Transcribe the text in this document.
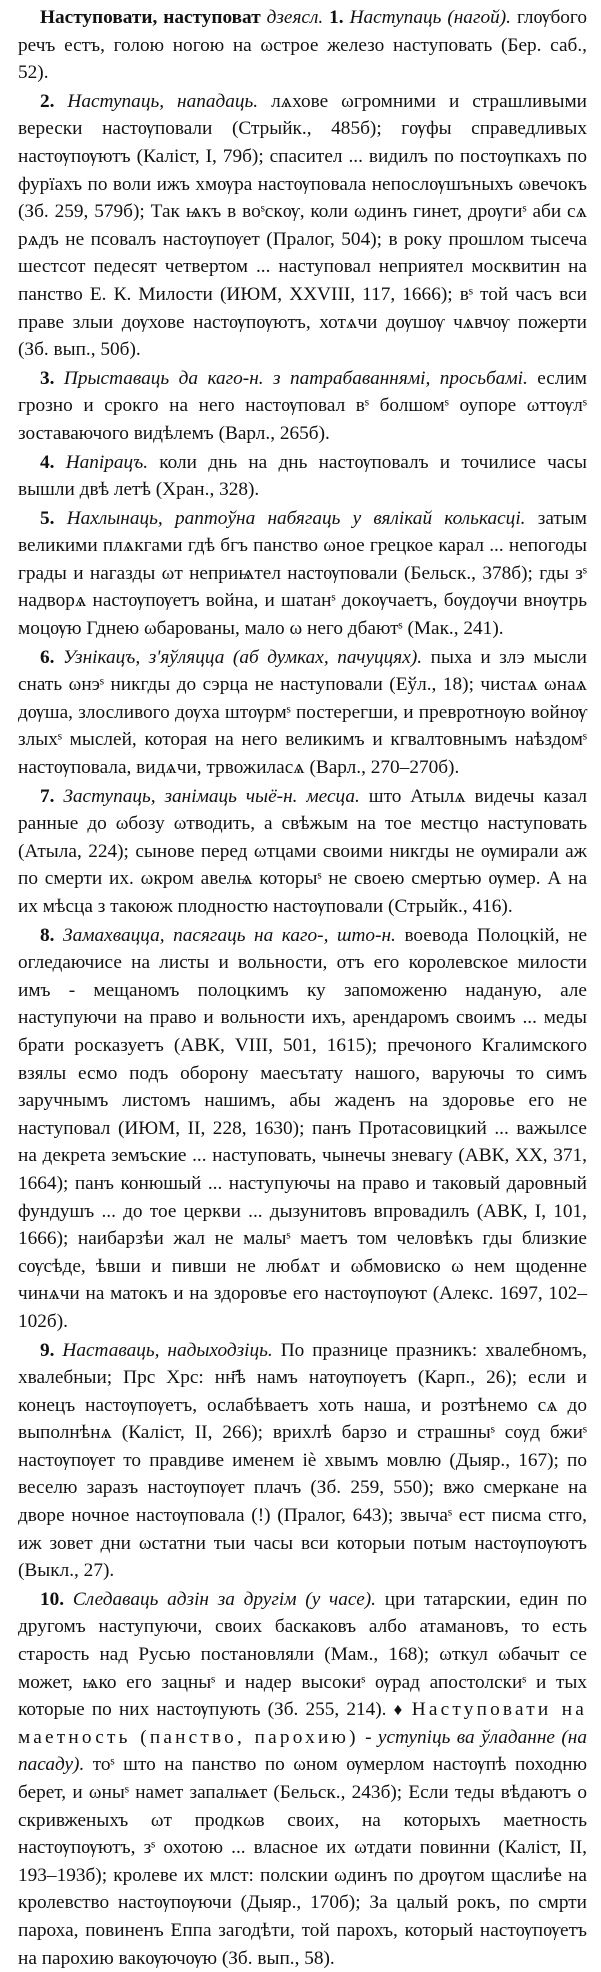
Наступовати, наступоват дзеясл. 1. Наступаць (нагой). глѹбого речъ естъ, голою ногою на ωстрое железо наступовать (Бер. саб., 52).

2. Наступаць, нападаць. лѧхове ωгромними и страшливыми верески настѹповали (Стрыйк., 485б); гѹфы справедливых настѹпѹютъ (Каліст, I, 79б); спасител ... видилъ по постѹпкахъ по фурїахъ по воли ижъ хмѹра настѹповала непослѹшъныхъ ωвечокъ (Зб. 259, 579б); Так ѩкъ в воˢскѹ, коли ωдинъ гинет, дрѹгиˢ аби сѧ рѧдъ не псовалъ настѹпѹет (Пралог, 504); в року прошлом тысеча шестсот педесят четвертом ... наступовал неприятел москвитин на панство Е. К. Милости (ИЮМ, XXVIII, 117, 1666); вˢ той часъ вси праве злыи дѹхове настѹпѹютъ, хотѧчи дѹшѹ чѧвчѹ пожерти (Зб. вып., 50б).

3. Прыставаць да каго-н. з патрабаваннямі, просьбамі. еслим грозно и срокго на него настѹповал вˢ болшомˢ оупоре ωттѹлˢ зоставаючого видѣлемъ (Варл., 265б).

4. Напірацъ. коли днь на днь настѹповалъ и точилисе часы вышли двѣ летѣ (Хран., 328).

5. Нахлынаць, раптоўна набягаць у вялікай колькасці. затым великими плѧкгами гдѣ бгъ панство ωное грецкое карал ... непогоды грады и нагазды ωт неприѩтел настѹповали (Бельск., 378б); гды зˢ надворѧ настѹпѹетъ война, и шатанˢ докѹчаетъ, бѹдѹчи внѹтрь моцѹю Гднею ωбарованы, мало ω него дбаютˢ (Мак., 241).

6. Узнікацъ, з'яўляцца (аб думках, пачуццях). пыха и злэ мысли снать ωнэˢ никгды до сэрца не наступовали (Еўл., 18); чистаѧ ωнаѧ дѹша, злосливого дѹха штѹрмˢ постерегши, и превротнѹю войнѹ злыхˢ мыслей, которая на него великимъ и кгвалтовнымъ наѣздомˢ настѹповала, видѧчи, трвожиласѧ (Варл., 270–270б).

7. Заступаць, занімаць чыё-н. месца. што Атылѧ видечы казал ранные до ωбозу ωтводить, а свѣжым на тое местцо наступовать (Атыла, 224); сынове перед ωтцами своими никгды не ѹмирали аж по смерти их. ωкром авелѩ которыˢ не своею смертью ѹмер. А на их мѣсца з такоюж плодностю настѹповали (Стрыйк., 416).

8. Замахвацца, пасягаць на каго-, што-н. воевода Полоцкій, не огледаючисе на листы и вольности, отъ его королевское милости имъ - мещаномъ полоцкимъ ку запоможеню наданую, але наступуючи на право и вольности ихъ, арендаромъ своимъ ... меды брати росказуетъ (АВК, VIII, 501, 1615); пречоного Кгалимского взялы есмо подъ оборону маесътату нашого, варуючы то симъ заручнымъ листомъ нашимъ, абы жаденъ на здоровье его не наступовал (ИЮМ, II, 228, 1630); панъ Протасовицкий ... важылсе на декрета земъские ... наступовать, чынечы зневагу (АВК, XX, 371, 1664); панъ конюшый ... наступуючы на право и таковый даровный фундушъ ... до тое церкви ... дызунитовъ впровадилъ (АВК, I, 101, 1666); наибарзѣи жал не малыˢ маетъ том человѣкъ гды близкие сѹсѣде, ѣвши и пивши не любѧт и ωбмовиско ω нем щоденне чинѧчи на матокъ и на здоровъе его настѹпѹют (Алекс. 1697, 102–102б).

9. Наставаць, надыходзіць. По празнице празникъ: хвалебномъ, хвалебныи; Прс Хрс: нн҃ѣ намъ натѹпѹетъ (Карп., 26); если и конецъ настѹпѹетъ, ослабѣваетъ хоть наша, и розтѣнемо сѧ до выполнѣнѧ (Каліст, II, 266); врихлѣ барзо и страшныˢ сѹд бжиˢ настѹпѹет то правдиве именем iѐ хвымъ мовлю (Дыяр., 167); по веселю заразъ настѹпѹет плачъ (Зб. 259, 550); вжо смеркане на дворе ночное настѹповала (!) (Пралог, 643); звычаˢ ест писма стго, иж зовет дни ωстатни тыи часы вси которыи потым настѹпѹютъ (Выкл., 27).

10. Следаваць адзін за другім (у часе). цри татарскии, един по другомъ наступуючи, своих баскаковъ албо атамановъ, то есть старость над Русью постановляли (Мам., 168); ωткул ωбачыт се может, ѩко его зацныˢ и надер высокиˢ ѹрад апостолскиˢ и тых которые по них настѹпують (Зб. 255, 214). ♦ Наступовати на маетность (панство, парохию) - уступіць ва ўладанне (на пасаду). тоˢ што на панство по ωном ѹмерлом настѹпѣ походню берет, и ωныˢ намет запалѩет (Бельск., 243б); Если теды вѣдаютъ о скривженыхъ ωт продкωв своих, на которыхъ маетность настѹпѹютъ, зˢ охотою ... власное их ωтдати повинни (Каліст, II, 193–193б); кролеве их млст: полскии ωдинъ по дрѹгом щаслиѣе на кролевство настѹпѹючи (Дыяр., 170б); За цалый рокъ, по смрти пароха, повиненъ Еппа загодѣти, той парохъ, который настѹпѹетъ на парохию вакѹючѹю (Зб. вып., 58).
